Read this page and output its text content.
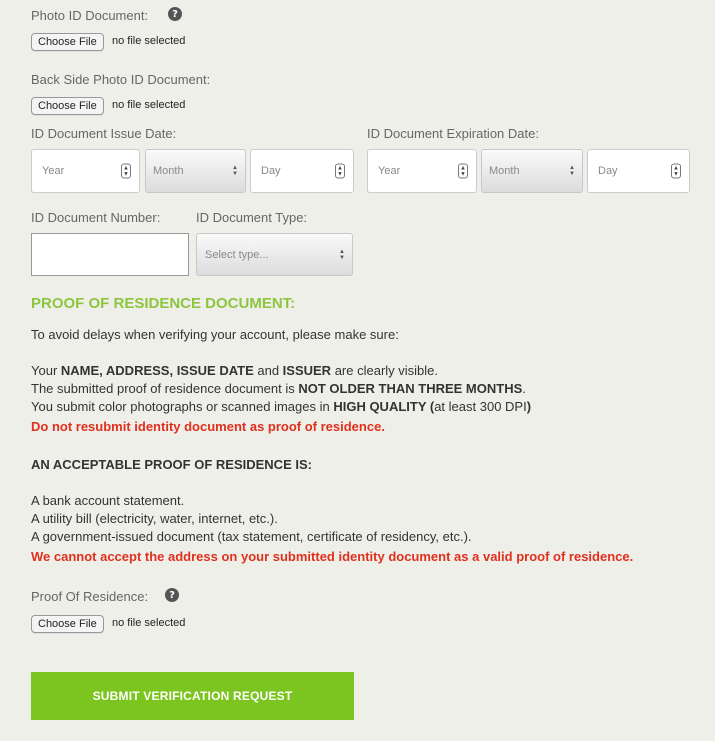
Photo ID Document:	?
Choose File	no file selected
Back Side Photo ID Document:
Choose File	no file selected
ID Document Issue Date:
Year	▲
▼ Month	▲
▼ Day	▲
▼
ID Document Expiration Date:
Year	▲
▼ Month	▲
▼ Day	▲
▼
ID Document Number:	ID Document Type:
Select type...	▲
▼
PROOF OF RESIDENCE DOCUMENT:
To avoid delays when verifying your account, please make sure:
Your NAME, ADDRESS, ISSUE DATE and ISSUER are clearly visible.
The submitted proof of residence document is NOT OLDER THAN THREE MONTHS.
You submit color photographs or scanned images in HIGH QUALITY (at least 300 DPI)
Do not resubmit identity document as proof of residence.
AN ACCEPTABLE PROOF OF RESIDENCE IS:
A bank account statement.
A utility bill (electricity, water, internet, etc.).
A government-issued document (tax statement, certificate of residency, etc.).
We cannot accept the address on your submitted identity document as a valid proof of residence.
Proof Of Residence:	?
Choose File	no file selected
SUBMIT VERIFICATION REQUEST
